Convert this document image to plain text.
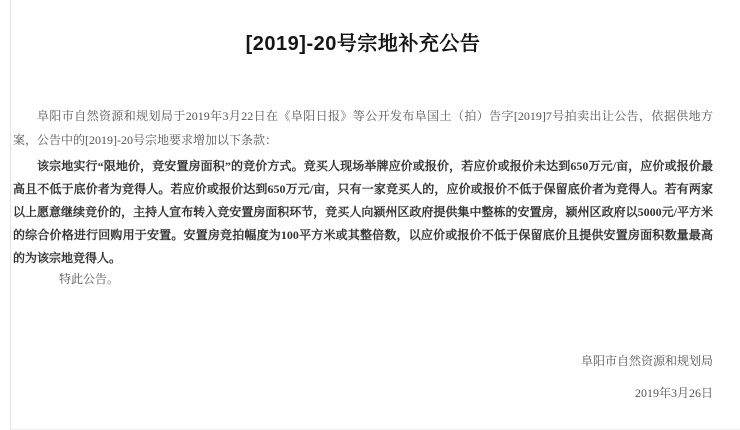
[2019]-20号宗地补充公告

阜阳市自然资源和规划局于2019年3月22日在《阜阳日报》等公开发布阜国土（拍）告字[2019]7号拍卖出让公告，依据供地方案，公告中的[2019]-20号宗地要求增加以下条款：

该宗地实行“限地价，竞安置房面积”的竞价方式。竞买人现场举牌应价或报价，若应价或报价未达到650万元/亩，应价或报价最高且不低于底价者为竞得人。若应价或报价达到650万元/亩，只有一家竞买人的，应价或报价不低于保留底价者为竞得人。若有两家以上愿意继续竞价的，主持人宣布转入竞安置房面积环节，竞买人向颍州区政府提供集中整栋的安置房，颍州区政府以5000元/平方米的综合价格进行回购用于安置。安置房竞拍幅度为100平方米或其整倍数，以应价或报价不低于保留底价且提供安置房面积数量最高的为该宗地竞得人。

特此公告。

阜阳市自然资源和规划局

2019年3月26日
